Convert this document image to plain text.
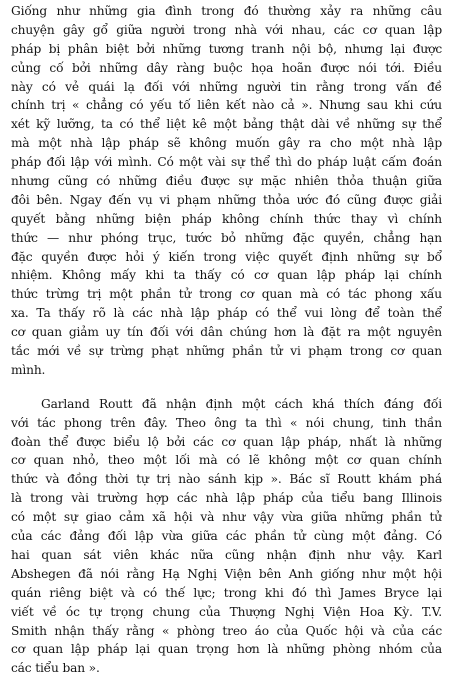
Giống như những gia đình trong đó thường xảy ra những câu
chuyện gây gổ giữa người trong nhà với nhau, các cơ quan lập
pháp bị phân biệt bởi những tương tranh nội bộ, nhưng lại được
củng cố bởi những dây ràng buộc họa hoãn được nói tới. Điều
này có vẻ quái lạ đối với những người tin rằng trong vấn đề
chính trị « chẳng có yếu tố liên kết nào cả ». Nhưng sau khi cứu
xét kỹ lưỡng, ta có thể liệt kê một bảng thật dài về những sự thể
mà một nhà lập pháp sẽ không muốn gây ra cho một nhà lập
pháp đối lập với mình. Có một vài sự thể thì do pháp luật cấm đoán
nhưng cũng có những điều được sự mặc nhiên thỏa thuận giữa
đôi bên. Ngay đến vụ vi phạm những thỏa ước đó cũng được giải
quyết bằng những biện pháp không chính thức thay vì chính
thức — như phóng trục, tước bỏ những đặc quyền, chẳng hạn
đặc quyền được hỏi ý kiến trong việc quyết định những sự bổ
nhiệm. Không mấy khi ta thấy có cơ quan lập pháp lại chính
thức trừng trị một phần tử trong cơ quan mà có tác phong xấu
xa. Ta thấy rõ là các nhà lập pháp có thể vui lòng để toàn thể
cơ quan giảm uy tín đối với dân chúng hơn là đặt ra một nguyên
tắc mới về sự trừng phạt những phần tử vi phạm trong cơ quan
mình.
Garland Routt đã nhận định một cách khá thích đáng đối
với tác phong trên đây. Theo ông ta thì « nói chung, tinh thần
đoàn thể được biểu lộ bởi các cơ quan lập pháp, nhất là những
cơ quan nhỏ, theo một lối mà có lẽ không một cơ quan chính
thức và đồng thời tự trị nào sánh kịp ». Bác sĩ Routt khám phá
là trong vài trường hợp các nhà lập pháp của tiểu bang Illinois
có một sự giao cảm xã hội và như vậy vừa giữa những phần tử
của các đảng đối lập vừa giữa các phần tử cùng một đảng. Có
hai quan sát viên khác nữa cũng nhận định như vậy. Karl
Abshegen đã nói rằng Hạ Nghị Viện bên Anh giống như một hội
quán riêng biệt và có thế lực; trong khi đó thì James Bryce lại
viết về óc tự trọng chung của Thượng Nghị Viện Hoa Kỳ. T.V.
Smith nhận thấy rằng « phòng treo áo của Quốc hội và của các
cơ quan lập pháp lại quan trọng hơn là những phòng nhóm của
các tiểu ban ».
